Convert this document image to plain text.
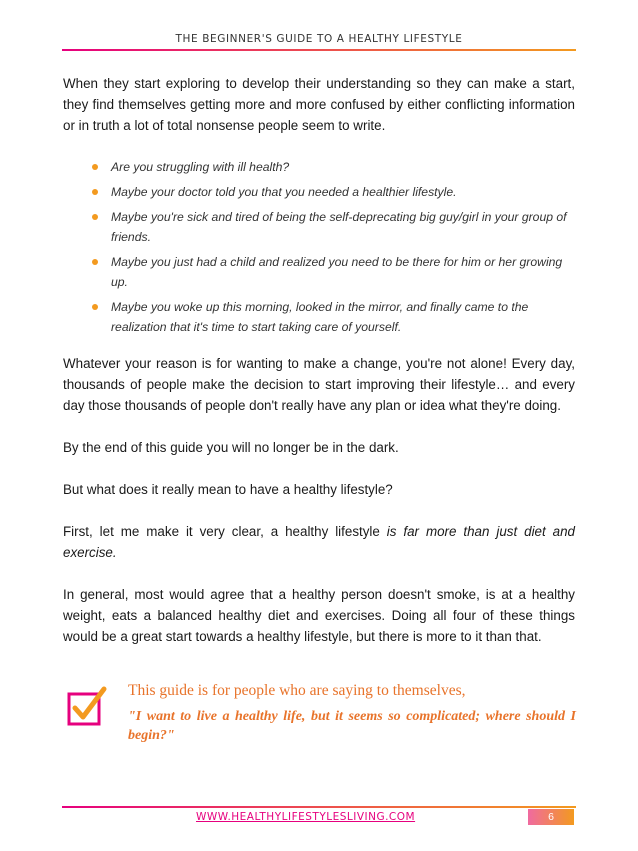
THE BEGINNER'S GUIDE TO A HEALTHY LIFESTYLE

When they start exploring to develop their understanding so they can make a start, they find themselves getting more and more confused by either conflicting information or in truth a lot of total nonsense people seem to write.

Are you struggling with ill health?
Maybe your doctor told you that you needed a healthier lifestyle.
Maybe you're sick and tired of being the self-deprecating big guy/girl in your group of friends.
Maybe you just had a child and realized you need to be there for him or her growing up.
Maybe you woke up this morning, looked in the mirror, and finally came to the realization that it's time to start taking care of yourself.

Whatever your reason is for wanting to make a change, you're not alone! Every day, thousands of people make the decision to start improving their lifestyle… and every day those thousands of people don't really have any plan or idea what they're doing.

By the end of this guide you will no longer be in the dark.

But what does it really mean to have a healthy lifestyle?

First, let me make it very clear, a healthy lifestyle is far more than just diet and exercise.

In general, most would agree that a healthy person doesn't smoke, is at a healthy weight, eats a balanced healthy diet and exercises. Doing all four of these things would be a great start towards a healthy lifestyle, but there is more to it than that.

This guide is for people who are saying to themselves,
"I want to live a healthy life, but it seems so complicated; where should I begin?"
WWW.HEALTHYLIFESTYLESLIVING.COM	6
